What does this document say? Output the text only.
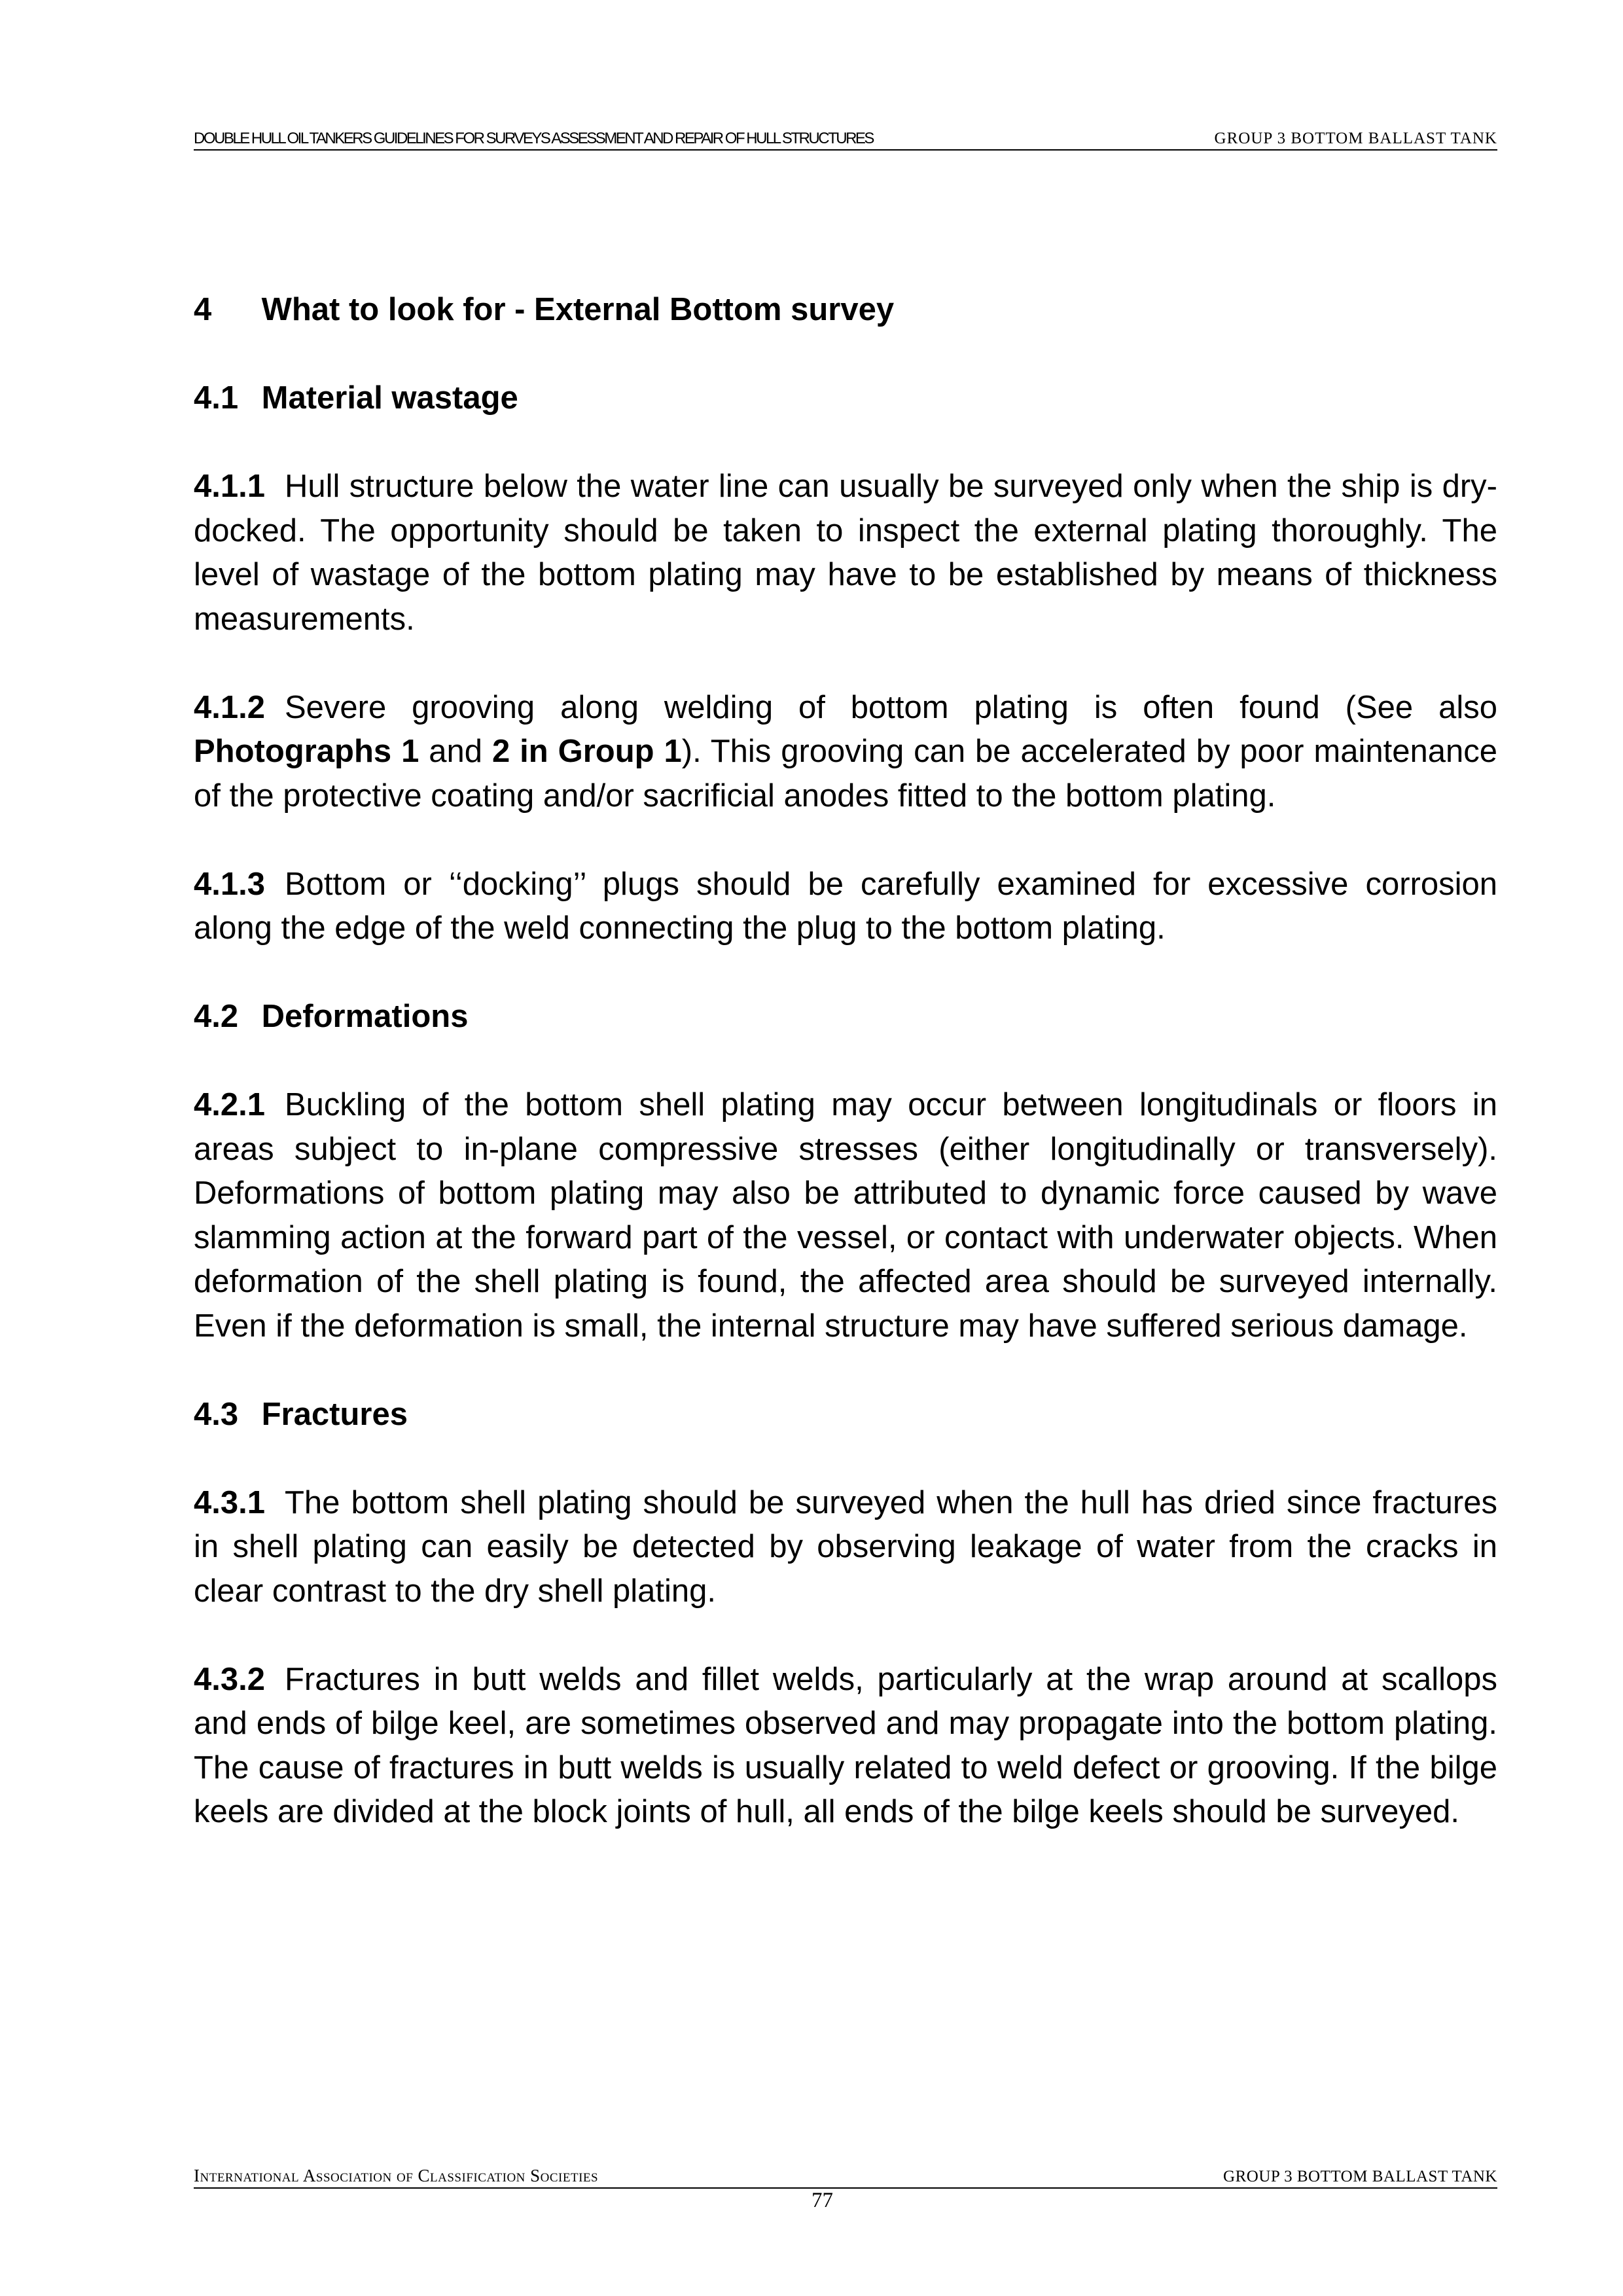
DOUBLE HULL OIL TANKERS GUIDELINES FOR SURVEYS ASSESSMENT AND REPAIR OF HULL STRUCTURES	GROUP 3 BOTTOM BALLAST TANK
4 What to look for - External Bottom survey
4.1 Material wastage

4.1.1 Hull structure below the water line can usually be surveyed only when the ship is dry-docked. The opportunity should be taken to inspect the external plating thoroughly. The level of wastage of the bottom plating may have to be established by means of thickness measurements.

4.1.2 Severe grooving along welding of bottom plating is often found (See also Photographs 1 and 2 in Group 1). This grooving can be accelerated by poor maintenance of the protective coating and/or sacrificial anodes fitted to the bottom plating.

4.1.3 Bottom or ‘‘docking’’ plugs should be carefully examined for excessive corrosion along the edge of the weld connecting the plug to the bottom plating.

4.2 Deformations

4.2.1 Buckling of the bottom shell plating may occur between longitudinals or floors in areas subject to in-plane compressive stresses (either longitudinally or transversely). Deformations of bottom plating may also be attributed to dynamic force caused by wave slamming action at the forward part of the vessel, or contact with underwater objects. When deformation of the shell plating is found, the affected area should be surveyed internally. Even if the deformation is small, the internal structure may have suffered serious damage.

4.3 Fractures

4.3.1 The bottom shell plating should be surveyed when the hull has dried since fractures in shell plating can easily be detected by observing leakage of water from the cracks in clear contrast to the dry shell plating.

4.3.2 Fractures in butt welds and fillet welds, particularly at the wrap around at scallops and ends of bilge keel, are sometimes observed and may propagate into the bottom plating. The cause of fractures in butt welds is usually related to weld defect or grooving. If the bilge keels are divided at the block joints of hull, all ends of the bilge keels should be surveyed.

International Association of Classification Societies	GROUP 3 BOTTOM BALLAST TANK
77
